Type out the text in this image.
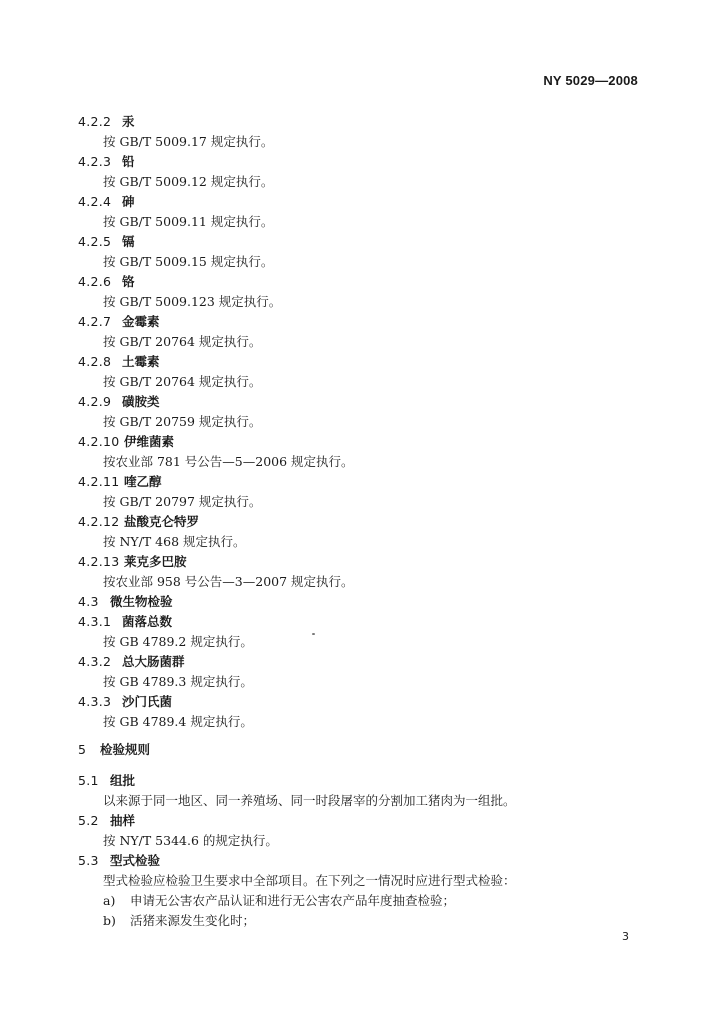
NY 5029—2008
4.2.2 汞
按 GB/T 5009.17 规定执行。
4.2.3 铅
按 GB/T 5009.12 规定执行。
4.2.4 砷
按 GB/T 5009.11 规定执行。
4.2.5 镉
按 GB/T 5009.15 规定执行。
4.2.6 铬
按 GB/T 5009.123 规定执行。
4.2.7 金霉素
按 GB/T 20764 规定执行。
4.2.8 土霉素
按 GB/T 20764 规定执行。
4.2.9 磺胺类
按 GB/T 20759 规定执行。
4.2.10 伊维菌素
按农业部 781 号公告—5—2006 规定执行。
4.2.11 喹乙醇
按 GB/T 20797 规定执行。
4.2.12 盐酸克仑特罗
按 NY/T 468 规定执行。
4.2.13 莱克多巴胺
按农业部 958 号公告—3—2007 规定执行。
4.3 微生物检验
4.3.1 菌落总数
按 GB 4789.2 规定执行。
4.3.2 总大肠菌群
按 GB 4789.3 规定执行。
4.3.3 沙门氏菌
按 GB 4789.4 规定执行。
5 检验规则
5.1 组批
以来源于同一地区、同一养殖场、同一时段屠宰的分割加工猪肉为一组批。
5.2 抽样
按 NY/T 5344.6 的规定执行。
5.3 型式检验
型式检验应检验卫生要求中全部项目。在下列之一情况时应进行型式检验：
a) 申请无公害农产品认证和进行无公害农产品年度抽查检验；
b) 活猪来源发生变化时；
3
